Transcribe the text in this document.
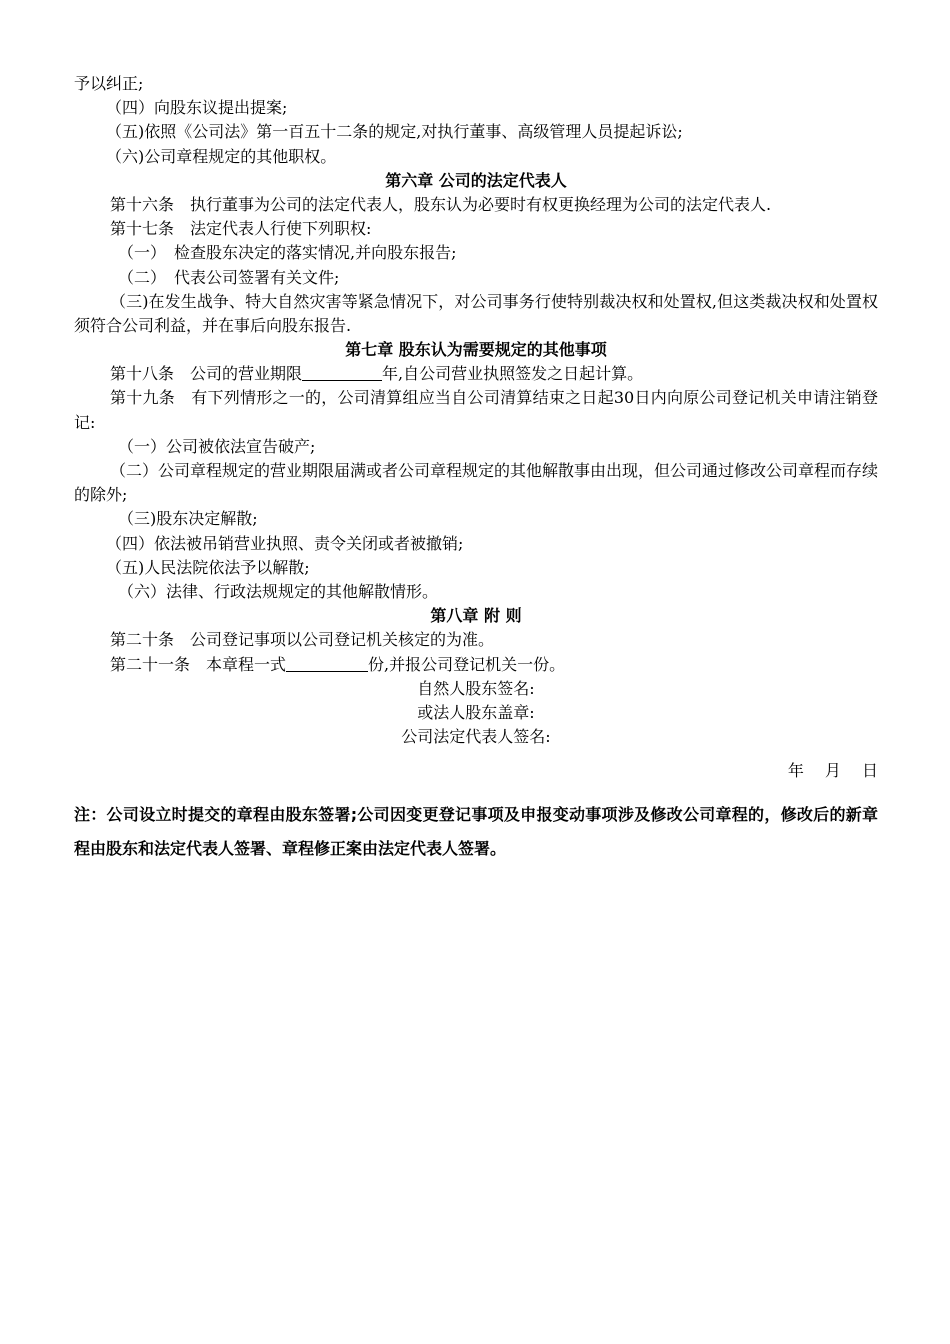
予以纠正;
（四）向股东议提出提案;
（五)依照《公司法》第一百五十二条的规定,对执行董事、高级管理人员提起诉讼;
（六)公司章程规定的其他职权。
第六章 公司的法定代表人
第十六条　执行董事为公司的法定代表人，股东认为必要时有权更换经理为公司的法定代表人.
第十七条　法定代表人行使下列职权:
（一）　检查股东决定的落实情况,并向股东报告;
（二）　代表公司签署有关文件;
（三)在发生战争、特大自然灾害等紧急情况下，对公司事务行使特别裁决权和处置权,但这类裁决权和处置权须符合公司利益，并在事后向股东报告.
第七章 股东认为需要规定的其他事项
第十八条　公司的营业期限	年,自公司营业执照签发之日起计算。
第十九条　有下列情形之一的，公司清算组应当自公司清算结束之日起30日内向原公司登记机关申请注销登记:
（一）公司被依法宣告破产;
（二）公司章程规定的营业期限届满或者公司章程规定的其他解散事由出现，但公司通过修改公司章程而存续的除外;
（三)股东决定解散;
（四）依法被吊销营业执照、责令关闭或者被撤销;
（五)人民法院依法予以解散;
（六）法律、行政法规规定的其他解散情形。
第八章 附 则
第二十条　公司登记事项以公司登记机关核定的为准。
第二十一条　本章程一式	份,并报公司登记机关一份。
自然人股东签名:
或法人股东盖章:
公司法定代表人签名:
年　 月　 日
注：公司设立时提交的章程由股东签署;公司因变更登记事项及申报变动事项涉及修改公司章程的，修改后的新章程由股东和法定代表人签署、章程修正案由法定代表人签署。
